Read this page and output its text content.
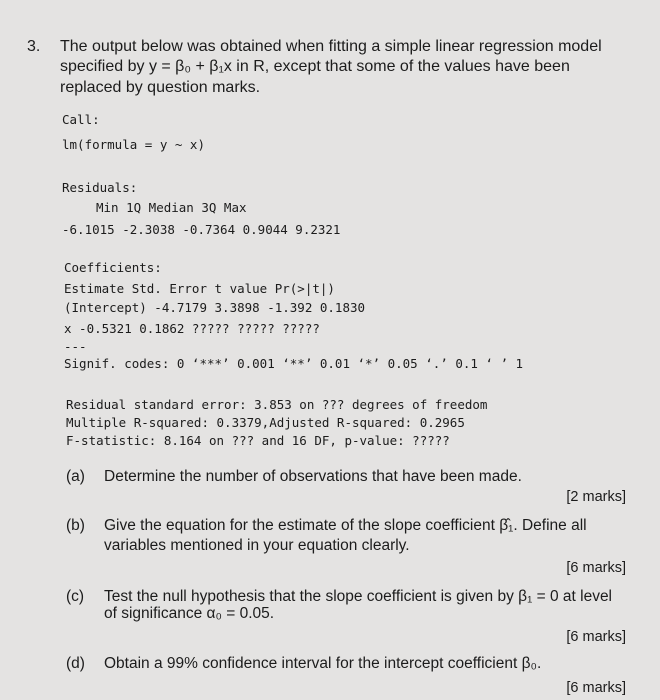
3. The output below was obtained when fitting a simple linear regression model
specified by y = β₀ + β₁x in R, except that some of the values have been
replaced by question marks.
Call:
lm(formula = y ~ x)
Residuals:
Min 1Q Median 3Q Max
-6.1015 -2.3038 -0.7364 0.9044 9.2321
Coefficients:
Estimate Std. Error t value Pr(>|t|)
(Intercept) -4.7179 3.3898 -1.392 0.1830
x -0.5321 0.1862 ????? ????? ?????
---
Signif. codes: 0 ‘***’ 0.001 ‘**’ 0.01 ‘*’ 0.05 ‘.’ 0.1 ‘ ’ 1
Residual standard error: 3.853 on ??? degrees of freedom
Multiple R-squared: 0.3379,Adjusted R-squared: 0.2965
F-statistic: 8.164 on ??? and 16 DF, p-value: ?????
(a) Determine the number of observations that have been made.
[2 marks]
(b) Give the equation for the estimate of the slope coefficient β̂₁. Define all
variables mentioned in your equation clearly.
[6 marks]
(c) Test the null hypothesis that the slope coefficient is given by β₁ = 0 at level
of significance α₀ = 0.05.
[6 marks]
(d) Obtain a 99% confidence interval for the intercept coefficient β₀.
[6 marks]
